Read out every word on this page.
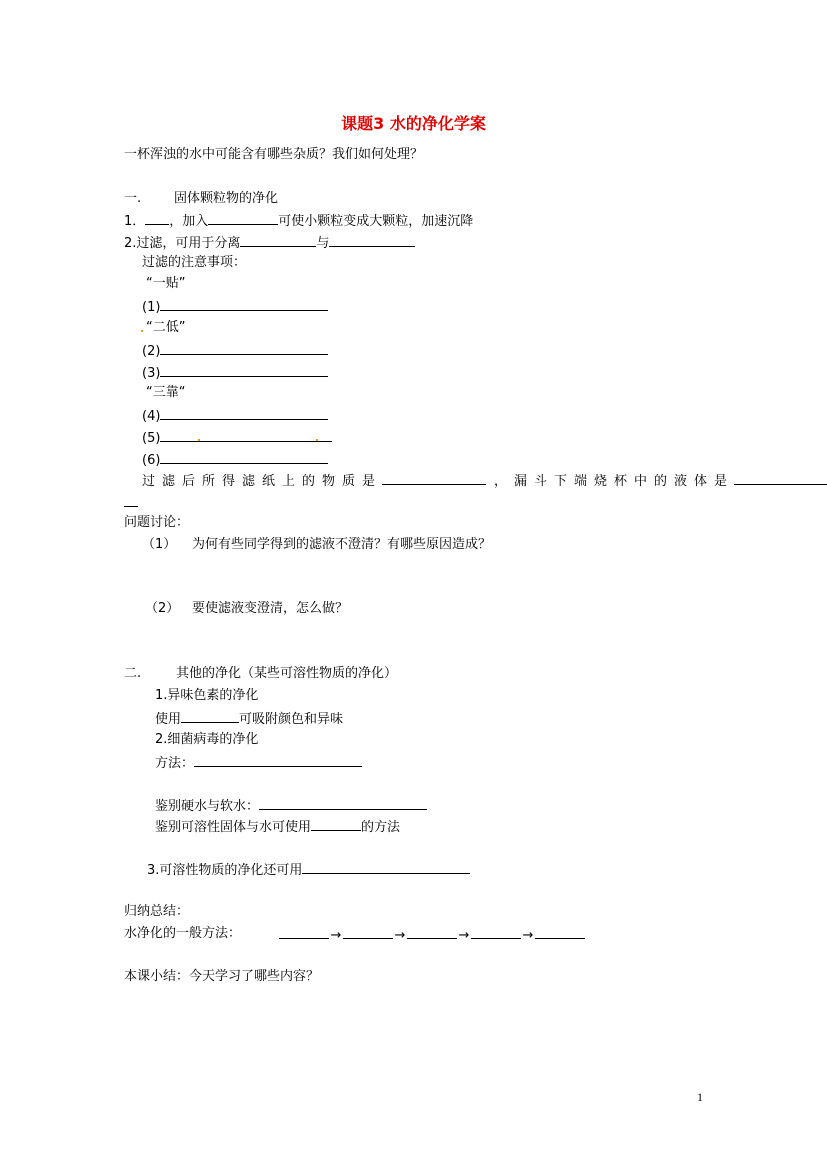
课题3 水的净化学案
一杯浑浊的水中可能含有哪些杂质？我们如何处理？
一.	固体颗粒物的净化
1． ，加入	可使小颗粒变成大颗粒，加速沉降
2.过滤，可用于分离	与
过滤的注意事项：
“一贴”
(1)
“二低”
(2)
(3)
“三靠“
(4)
(5)
(6)
过滤后所得滤纸上的物质是	，漏斗下端烧杯中的液体是
问题讨论：
（1） 为何有些同学得到的滤液不澄清？有哪些原因造成？
（2） 要使滤液变澄清，怎么做？
二.	其他的净化（某些可溶性物质的净化）
1.异味色素的净化
使用	可吸附颜色和异味
2.细菌病毒的净化
方法：
鉴别硬水与软水：
鉴别可溶性固体与水可使用	的方法
3.可溶性物质的净化还可用
归纳总结：
水净化的一般方法：	→	→	→	→
本课小结：今天学习了哪些内容？
1
